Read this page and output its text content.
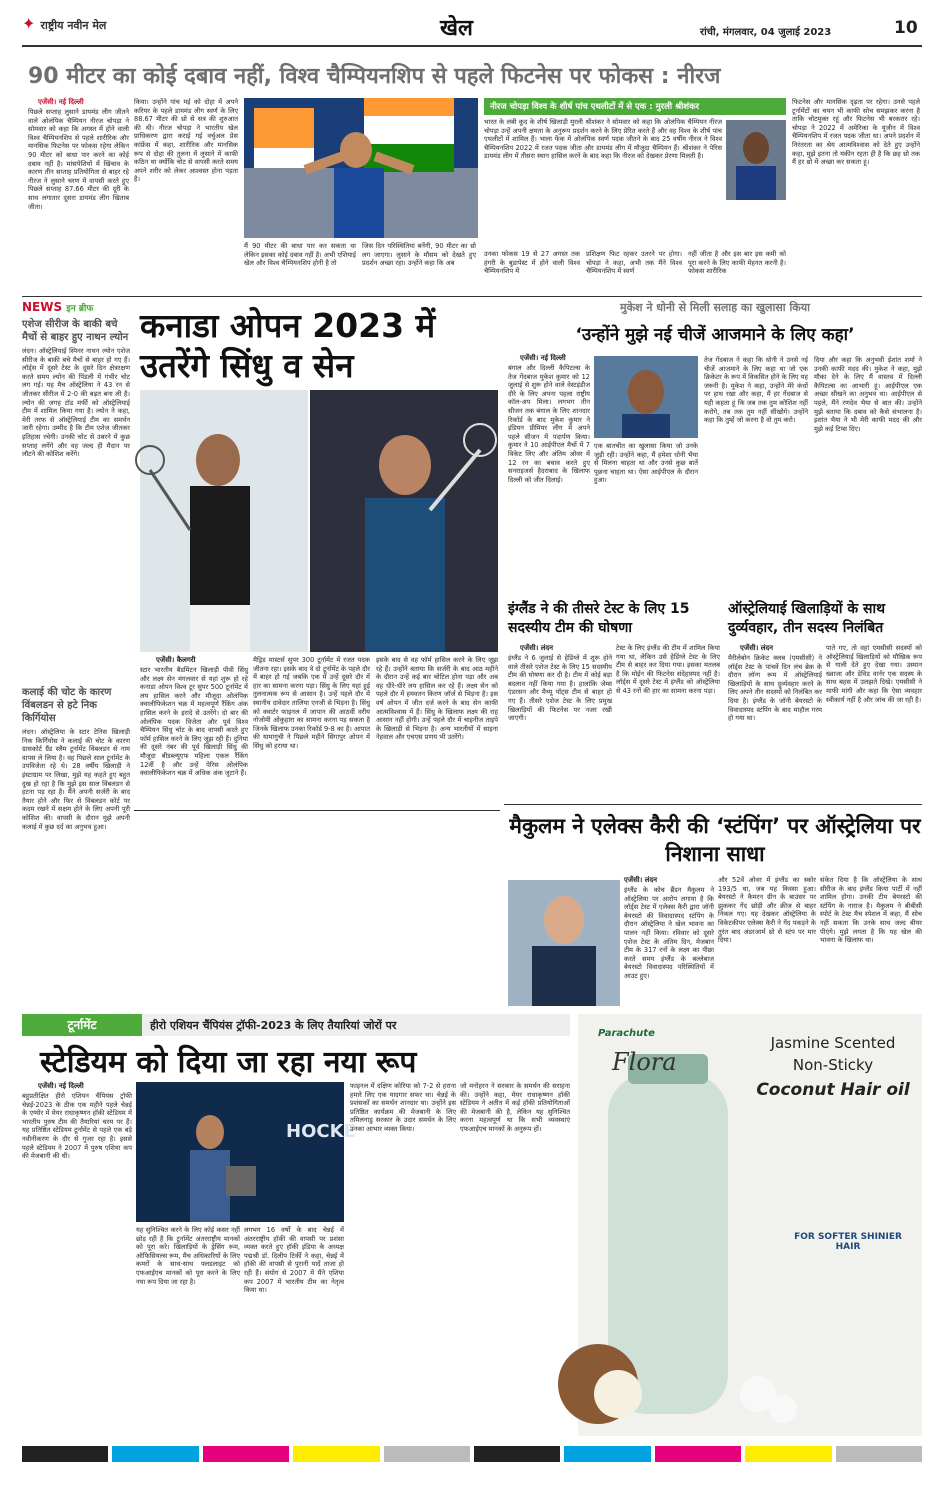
✦ राष्ट्रीय नवीन मेल	खेल	रांची, मंगलवार, 04 जुलाई 2023	10
90 मीटर का कोई दबाव नहीं, विश्व चैम्पियनशिप से पहले फिटनेस पर फोकस : नीरज
एजेंसी। नई दिल्ली
पिछले सप्ताह लुसाने डायमंड लीग जीतने वाले ओलंपिक चैम्पियन नीरज चोपड़ा ने सोमवार को कहा कि अगस्त में होने वाली विश्व चैम्पियनशिप से पहले शारीरिक और मानसिक फिटनेस पर फोकस रहेगा लेकिन 90 मीटर को बाधा पार करने का कोई दबाव नहीं है। मांसपेशियों में खिंचाव के कारण तीन सप्ताह प्रतियोगिता से बाहर रहे नीरज ने लुसाने चरण में वापसी करते हुए पिछले सप्ताह 87.66 मीटर की दूरी के साथ लगातार दूसरा डायमंड लीग खिताब जीता।
किया। उन्होंने पांच मई को दोहा में अपने करियर के पहले डायमंड लीग स्वर्ण के लिए 88.67 मीटर की थ्रो से सत्र की शुरुआत की थी। नीरज चोपड़ा ने भारतीय खेल प्राधिकरण द्वारा कराई गई वर्चुअल प्रेस कांफ्रेंस में कहा, शारीरिक और मानसिक रूप से दोहा की तुलना में लुसाने में काफी कठिन था क्योंकि चोट से वापसी करते समय अपने शरीर को लेकर आश्वस्त होना पड़ता है।
मैं 90 मीटर की बाधा पार कर सकता था लेकिन इसका कोई दबाव नहीं है। अभी एशियाई खेल और विश्व चैम्पियनशिप होनी है तो
जिस दिन परिस्थितियां बनेंगी, 90 मीटर का थ्रो लग जाएगा। लुसाने के मौसम को देखते हुए प्रदर्शन अच्छा रहा। उन्होंने कहा कि अब
नीरज चोपड़ा विश्व के शीर्ष पांच एथलीटों में से एक : मुरली श्रीशंकर
भारत के लंबी कूद के शीर्ष खिलाड़ी मुरली श्रीशंकर ने सोमवार को कहा कि ओलंपिक चैम्पियन नीरज चोपड़ा उन्हें अपनी क्षमता के अनुरूप प्रदर्शन करने के लिए प्रेरित करते हैं और वह विश्व के शीर्ष पांच एथलीटों में शामिल हैं। भाला फेंक में ओलंपिक स्वर्ण पदक जीतने के बाद 25 वर्षीय नीरज ने विश्व चैम्पियनशिप 2022 में रजत पदक जीता और डायमंड लीग में मौजूदा चैम्पियन हैं। श्रीशंकर ने पेरिस डायमंड लीग में तीसरा स्थान हासिल करने के बाद कहा कि नीरज को देखकर प्रेरणा मिलती है।
उनका फोकस 19 से 27 अगस्त तक हंगरी के बुडापेस्ट में होने वाली विश्व चैम्पियनशिप में
प्रशिक्षण फिट रहकर उतरने पर होगा। चोपड़ा ने कहा, अभी तक मैंने विश्व चैम्पियनशिप में स्वर्ण
नहीं जीता है और इस बार इस कमी को पूरा करने के लिए काफी मेहनत करनी है। फोकस शारीरिक
फिटनेस और मानसिक दृढ़ता पर रहेगा। उनसे पहले टूर्नामेंटों का चयन भी काफी सोच समझकर करना है ताकि चोटमुक्त रहूं और फिटनेस भी बरकरार रहे। चोपड़ा ने 2022 में अमेरिका के यूजीन में विश्व चैम्पियनशिप में रजत पदक जीता था। अपने प्रदर्शन में निरंतरता का श्रेय आत्मविश्वास को देते हुए उन्होंने कहा, मुझे इतना तो यकीन रहता ही है कि छह थ्रो तक मैं हर थ्रो में अच्छा कर सकता हूं।
NEWS इन ब्रीफ
एशेज सीरीज के बाकी बचे मैचों से बाहर हुए नाथन ल्योन
लंदन। ऑस्ट्रेलियाई स्पिनर नाथन ल्योन एशेज सीरीज के बाकी बचे मैचों से बाहर हो गए हैं। लॉर्ड्स में दूसरे टेस्ट के दूसरे दिन क्षेत्ररक्षण करते समय ल्योन की पिंडली में गंभीर चोट लग गई। यह मैच ऑस्ट्रेलिया ने 43 रन से जीतकर सीरीज में 2-0 की बढ़त बना ली है। ल्योन की जगह टॉड मर्फी को ऑस्ट्रेलियाई टीम में शामिल किया गया है। ल्योन ने कहा, मेरी तरफ से ऑस्ट्रेलियाई टीम का समर्थन जारी रहेगा। उम्मीद है कि टीम एशेज जीतकर इतिहास रचेगी। उनकी चोट से उबरने में कुछ सप्ताह लगेंगे और वह जल्द ही मैदान पर लौटने की कोशिश करेंगे।
कलाई की चोट के कारण विंबलडन से हटे निक किर्गियोस
लंदन। ऑस्ट्रेलिया के स्टार टेनिस खिलाड़ी निक किर्गियोस ने कलाई की चोट के कारण ग्रासकोर्ट ग्रैंड स्लैम टूर्नामेंट विंबलडन से नाम वापस ले लिया है। वह पिछले साल टूर्नामेंट के उपविजेता रहे थे। 28 वर्षीय खिलाड़ी ने इंस्टाग्राम पर लिखा, मुझे यह कहते हुए बहुत दुख हो रहा है कि मुझे इस साल विंबलडन से हटना पड़ रहा है। मैंने अपनी सर्जरी के बाद तैयार होने और फिर से विंबलडन कोर्ट पर कदम रखने में सक्षम होने के लिए अपनी पूरी कोशिश की। वापसी के दौरान मुझे अपनी कलाई में कुछ दर्द का अनुभव हुआ।
कनाडा ओपन 2023 में उतरेंगे सिंधु व सेन
एजेंसी। कैलगरी
स्टार भारतीय बैडमिंटन खिलाड़ी पीवी सिंधु और लक्ष्य सेन मंगलवार से यहां शुरू हो रहे कनाडा ओपन विश्व टूर सुपर 500 टूर्नामेंट में लय हासिल करने और मौजूदा ओलंपिक क्वालीफिकेशन चक्र में महत्वपूर्ण रैंकिंग अंक हासिल करने के इरादे से उतरेंगे। दो बार की ओलंपिक पदक विजेता और पूर्व विश्व चैम्पियन सिंधु चोट के बाद वापसी करते हुए फॉर्म हासिल करने के लिए जूझ रही हैं। दुनिया की दूसरे नंबर की पूर्व खिलाड़ी सिंधु की मौजूदा बीडब्ल्यूएफ महिला एकल रैंकिंग 12वीं है और उन्हें पेरिस ओलंपिक क्वालीफिकेशन चक्र में अधिक अंक जुटाने हैं।
मैड्रिड मास्टर्स सुपर 300 टूर्नामेंट में रजत पदक जीतना रहा। इसके बाद वे दो टूर्नामेंट के पहले दौर में बाहर हो गई जबकि एक में उन्हें दूसरे दौर में हार का सामना करना पड़ा। सिंधु के लिए यहां हुई तुलनात्मक रूप से आसान है। उन्हें पहले दौर में स्थानीय दावेदार तालिया एनजी से भिड़ना है। सिंधु को क्वार्टर फाइनल में जापान की आठवीं वरीय नोजोमी ओकुहारा का सामना करना पड़ सकता है जिनके खिलाफ उनका रिकॉर्ड 9-8 का है। आपात की यामागुची ने पिछले महीने सिंगापुर ओपन में सिंधु को हराया था।
इसके बाद से वह फॉर्म हासिल करने के लिए जूझ रहे हैं। उन्होंने बताया कि सर्जरी के बाद आठ महीने के दौरान उन्हें कई बार चोटिल होना पड़ा और अब वह धीरे-धीरे लय हासिल कर रहे हैं। लक्ष्य सेन को पहले दौर में हमवतन किरण जॉर्ज से भिड़ना है। इस वर्ष ओपन में जीत दर्ज करने के बाद सेन काफी आत्मविश्वास में हैं। सिंधु के खिलाफ लक्ष्य की राह आसान नहीं होगी। उन्हें पहले दौर में चाइनीज ताइपे के खिलाड़ी से भिड़ना है। अन्य भारतीयों में साइना नेहवाल और एचएस प्रणय भी उतरेंगे।
मुकेश ने धोनी से मिली सलाह का खुलासा किया
‘उन्होंने मुझे नई चीजें आजमाने के लिए कहा’
एजेंसी। नई दिल्ली
बंगाल और दिल्ली कैपिटल्स के तेज गेंदबाज मुकेश कुमार को 12 जुलाई से शुरू होने वाले वेस्टइंडीज दौरे के लिए अपना पहला राष्ट्रीय कॉल-अप मिला। लगभग तीन सीजन तक बंगाल के लिए शानदार रिकॉर्ड के बाद मुकेश कुमार ने इंडियन प्रीमियर लीग में अपने पहले सीजन में पदार्पण किया। कुमार ने 10 आईपीएल मैचों में 7 विकेट लिए और अंतिम ओवर में 12 रन का बचाव करते हुए सनराइजर्स हैदराबाद के खिलाफ दिल्ली को जीत दिलाई।
एक बातचीत का खुलासा किया जो उनके जुड़ी रही। उन्होंने कहा, मैं हमेशा धोनी भैया से मिलना चाहता था और उनसे कुछ बातें पूछना चाहता था। ऐसा आईपीएल के दौरान हुआ।
तेज गेंदबाज ने कहा कि धोनी ने उनसे नई चीजें आजमाने के लिए कहा था जो एक क्रिकेटर के रूप में विकसित होने के लिए यह जरूरी है। मुकेश ने कहा, उन्होंने मेरे कंधों पर हाथ रखा और कहा, मैं हर गेंदबाज से यही कहता हूं कि जब तक तुम कोशिश नहीं करोगे, तब तक तुम नहीं सीखोगे। उन्होंने कहा कि तुम्हें जो करना है वो तुम करो।
दिया और कहा कि अनुभवी ईशांत शर्मा ने उनकी काफी मदद की। मुकेश ने कहा, मुझे मौका देने के लिए मैं वास्तव में दिल्ली कैपिटल्स का आभारी हूं। आईपीएल एक अच्छा सीखने का अनुभव था। आईपीएल से पहले, मैंने रणदेव भैया से बात की। उन्होंने मुझे बताया कि दबाव को कैसे संभालना है। इशांत भैया ने भी मेरी काफी मदद की और मुझे कई टिप्स दिए।
इंग्लैंड ने की तीसरे टेस्ट के लिए 15 सदस्यीय टीम की घोषणा
एजेंसी। लंदन
इंग्लैंड ने 6 जुलाई से हेडिंग्ले में शुरू होने वाले तीसरे एशेज टेस्ट के लिए 15 सदस्यीय टीम की घोषणा कर दी है। टीम में कोई बड़ा बदलाव नहीं किया गया है। हालांकि जेम्स एंडरसन और मैथ्यू पॉट्स टीम से बाहर हो गए हैं। तीसरे एशेज टेस्ट के लिए प्रमुख खिलाड़ियों की फिटनेस पर नजर रखी जाएगी।
टेस्ट के लिए इंग्लैंड की टीम में शामिल किया गया था, लेकिन उसे हेडिंग्ले टेस्ट के लिए टीम से बाहर कर दिया गया। इसका मतलब है कि मोईन की फिटनेस संदेहास्पद नहीं है। लॉर्ड्स में दूसरे टेस्ट में इंग्लैंड को ऑस्ट्रेलिया से 43 रनों की हार का सामना करना पड़ा।
ऑस्ट्रेलियाई खिलाड़ियों के साथ दुर्व्यवहार, तीन सदस्य निलंबित
एजेंसी। लंदन
मैरीलेबोन क्रिकेट क्लब (एमसीसी) ने लॉर्ड्स टेस्ट के पांचवें दिन लंच ब्रेक के दौरान लॉन्ग रूम में ऑस्ट्रेलियाई खिलाड़ियों के साथ दुर्व्यवहार करने के लिए अपने तीन सदस्यों को निलंबित कर दिया है। इंग्लैंड के जॉनी बेयरस्टो के विवादास्पद स्टंपिंग के बाद माहौल गरम हो गया था।
पाते गए, तो वहां एमसीसी सदस्यों को ऑस्ट्रेलियाई खिलाड़ियों को मौखिक रूप से गाली देते हुए देखा गया। उस्मान ख्वाजा और डेविड वार्नर एक सदस्य के साथ बहस में उलझते दिखे। एमसीसी ने माफी मांगी और कहा कि ऐसा व्यवहार स्वीकार्य नहीं है और जांच की जा रही है।
मैकुलम ने एलेक्स कैरी की ‘स्टंपिंग’ पर ऑस्ट्रेलिया पर निशाना साधा
एजेंसी। लंदन
इंग्लैंड के कोच ब्रैंडन मैकुलम ने ऑस्ट्रेलिया पर आरोप लगाया है कि लॉर्ड्स टेस्ट में एलेक्स कैरी द्वारा जॉनी बेयरस्टो की विवादास्पद स्टंपिंग के दौरान ऑस्ट्रेलिया ने खेल भावना का पालन नहीं किया। रविवार को दूसरे एशेज टेस्ट के अंतिम दिन, मेजबान टीम के 317 रनों के लक्ष्य का पीछा करते समय इंग्लैंड के बल्लेबाज बेयरस्टो विवादास्पद परिस्थितियों में आउट हुए।
और 52वें ओवर में इंग्लैंड का स्कोर 193/5 था, जब यह किस्सा हुआ। बेयरस्टो ने कैमरन ग्रीन के बाउंसर पर झुककर गेंद छोड़ी और क्रीज से बाहर निकल गए। यह देखकर ऑस्ट्रेलिया के विकेटकीपर एलेक्स कैरी ने गेंद पकड़ने के तुरंत बाद अंडरआर्म थ्रो से स्टंप पर मार दिया।
संकेत दिया है कि ऑस्ट्रेलिया के साथ सीरीज के बाद इंग्लैंड किया पार्टी में नहीं शामिल होगा। उनकी टीम बेयरस्टो की स्टंपिंग के नाराज है। मैकुलम ने बीबीसी स्पोर्ट के टेस्ट मैच स्पेशल में कहा, मैं सोच नहीं सकता कि उनके साथ जल्द बीयर पीएंगे। मुझे लगता है कि यह खेल की भावना के खिलाफ था।
टूर्नामेंट	हीरो एशियन चैंपियंस ट्रॉफी-2023 के लिए तैयारियां जोरों पर
स्टेडियम को दिया जा रहा नया रूप
एजेंसी। नई दिल्ली
बहुप्रतीक्षित हीरो एशियन चैंपियंस ट्रॉफी चेन्नई-2023 के ठीक एक महीने पहले चेन्नई के एग्मोर में मेयर राधाकृष्णन हॉकी स्टेडियम में भारतीय पुरुष टीम की तैयारियां चरम पर हैं। यह प्रतिष्ठित स्टेडियम टूर्नामेंट से पहले एक बड़े नवीनीकरण के दौर से गुजर रहा है। इससे पहले स्टेडियम ने 2007 में पुरुष एशिया कप की मेजबानी की थी।
HOCKE
यह सुनिश्चित करने के लिए कोई कसर नहीं छोड़ रही है कि टूर्नामेंट अंतरराष्ट्रीय मानकों को पूरा करे। खिलाड़ियों के ड्रेसिंग रूम, ऑफिसियल्स रूम, मैच अधिकारियों के लिए कमरों के साथ-साथ फ्लडलाइट को एफआईएच मानकों को पूरा करने के लिए नया रूप दिया जा रहा है।
लगभग 16 वर्षों के बाद चेन्नई में अंतरराष्ट्रीय हॉकी की वापसी पर प्रशंसा व्यक्त करते हुए हॉकी इंडिया के अध्यक्ष पद्मश्री डॉ. दिलीप टिर्की ने कहा, चेन्नई में हॉकी की वापसी से पुरानी यादें ताजा हो रही हैं। संयोग से 2007 में मैंने एशिया कप 2007 में भारतीय टीम का नेतृत्व किया था।
फाइनल में दक्षिण कोरिया को 7-2 से हराना हमारे लिए एक यादगार सफर था। चेन्नई के प्रशंसकों का समर्थन शानदार था। उन्होंने इस प्रतिष्ठित कार्यक्रम की मेजबानी के लिए तमिलनाडु सरकार के उदार समर्थन के लिए उनका आभार व्यक्त किया।
जो मनोहरन ने सरकार के समर्थन की सराहना की। उन्होंने कहा, मेयर राधाकृष्णन हॉकी स्टेडियम ने अतीत में कई हॉकी प्रतियोगिताओं की मेजबानी की है, लेकिन यह सुनिश्चित करना महत्वपूर्ण था कि सभी व्यवस्थाएं एफआईएच मानकों के अनुरूप हों।
Parachute
Flora
Jasmine Scented
Non-Sticky
Coconut Hair oil
FOR SOFTER SHINIER HAIR
